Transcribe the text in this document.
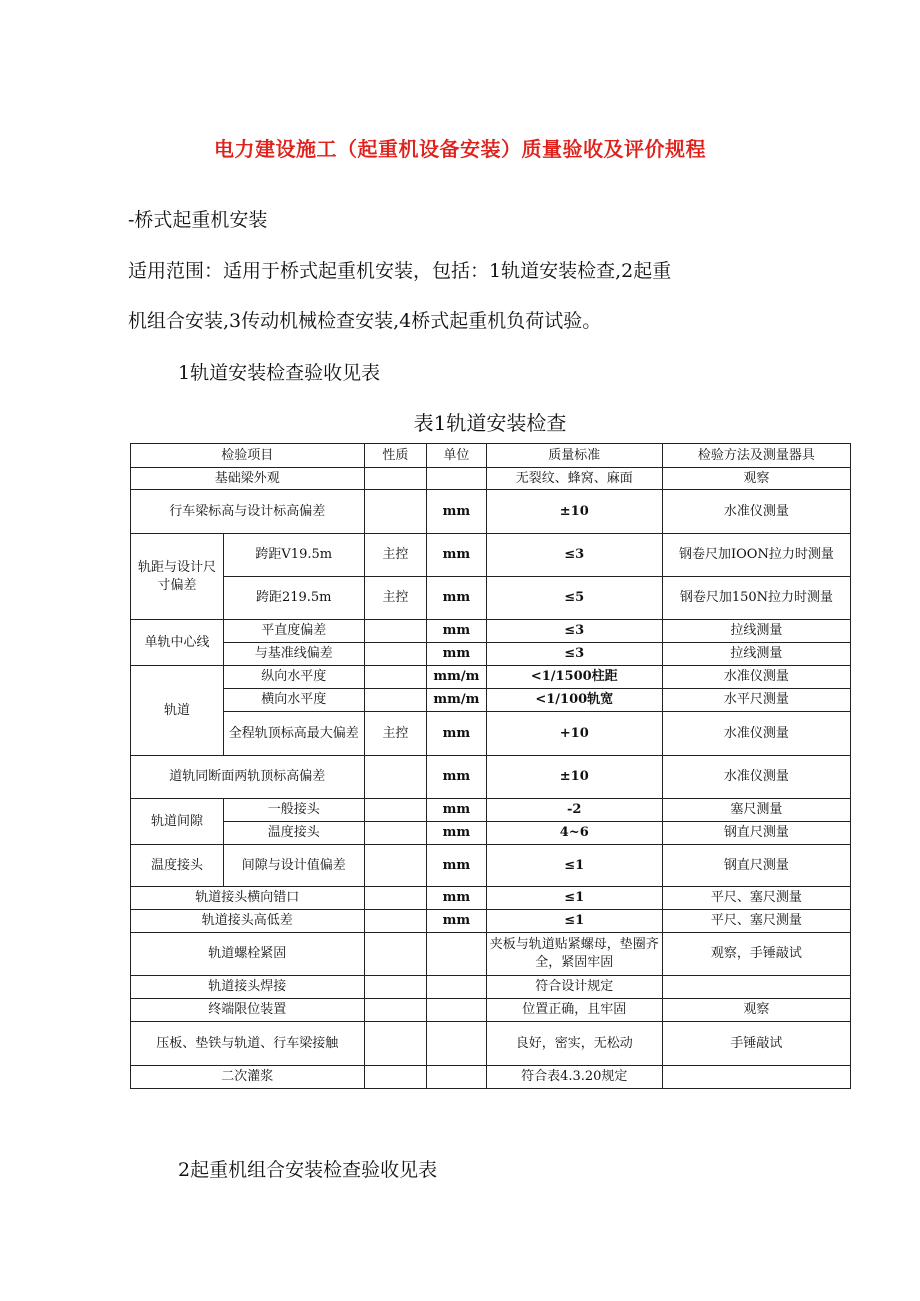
电力建设施工（起重机设备安装）质量验收及评价规程
-桥式起重机安装
适用范围：适用于桥式起重机安装，包括：1轨道安装检查,2起重
机组合安装,3传动机械检查安装,4桥式起重机负荷试验。
1轨道安装检查验收见表
表1轨道安装检查
检验项目		性质	单位	质量标准	检验方法及测量器具
基础梁外观				无裂纹、蜂窝、麻面	观察
行车梁标高与设计标高偏差			mm	±10	水准仪测量
轨距与设计尺寸偏差	跨距V19.5m	主控	mm	≤3	钢卷尺加IOON拉力时测量
	跨距219.5m	主控	mm	≤5	钢卷尺加150N拉力时测量
单轨中心线	平直度偏差		mm	≤3	拉线测量
	与基准线偏差		mm	≤3	拉线测量
轨道	纵向水平度		mm/m	<1/1500柱距	水准仪测量
	横向水平度		mm/m	<1/100轨宽	水平尺测量
	全程轨顶标高最大偏差	主控	mm	+10	水准仪测量
道轨同断面两轨顶标高偏差			mm	±10	水准仪测量
轨道间隙	一般接头		mm	-2	塞尺测量
	温度接头		mm	4~6	钢直尺测量
温度接头	间隙与设计值偏差		mm	≤1	钢直尺测量
轨道接头横向错口			mm	≤1	平尺、塞尺测量
轨道接头高低差			mm	≤1	平尺、塞尺测量
轨道螺栓紧固				夹板与轨道贴紧螺母，垫圈齐全，紧固牢固	观察，手锤敲试
轨道接头焊接				符合设计规定	
终端限位装置				位置正确，且牢固	观察
压板、垫铁与轨道、行车梁接触				良好，密实，无松动	手锤敲试
二次灌浆				符合表4.3.20规定	
2起重机组合安装检查验收见表
